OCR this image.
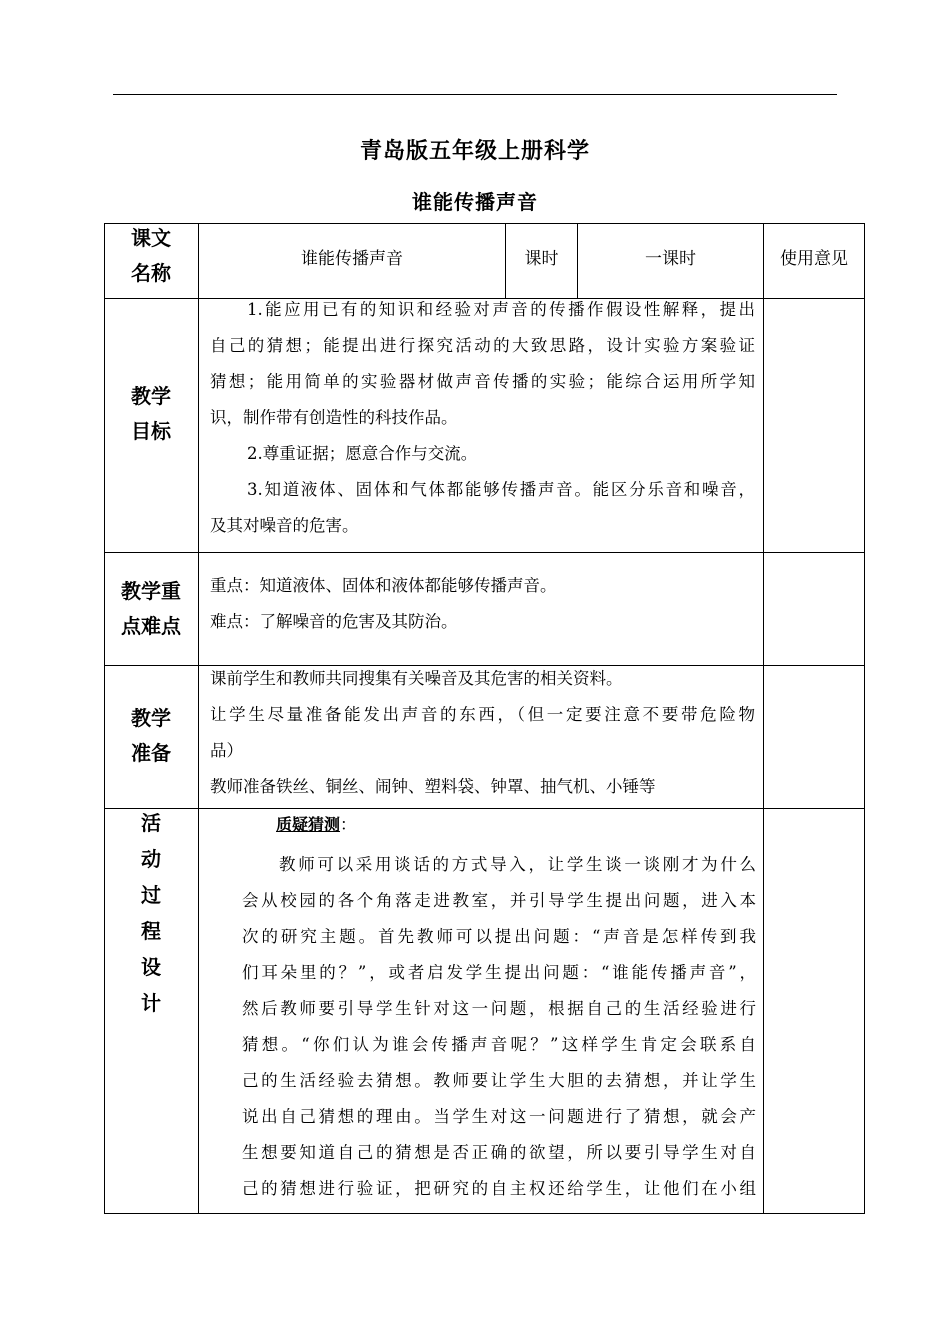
青岛版五年级上册科学
谁能传播声音
课文
名称
谁能传播声音	课时	一课时	使用意见
教学
目标
1.能应用已有的知识和经验对声音的传播作假设性解释，提出
自己的猜想；能提出进行探究活动的大致思路，设计实验方案验证
猜想；能用简单的实验器材做声音传播的实验；能综合运用所学知
识，制作带有创造性的科技作品。
2.尊重证据；愿意合作与交流。
3.知道液体、固体和气体都能够传播声音。能区分乐音和噪音，
及其对噪音的危害。
教学重
点难点
重点：知道液体、固体和液体都能够传播声音。
难点：了解噪音的危害及其防治。
教学
准备
课前学生和教师共同搜集有关噪音及其危害的相关资料。
让学生尽量准备能发出声音的东西，（但一定要注意不要带危险物
品）
教师准备铁丝、铜丝、闹钟、塑料袋、钟罩、抽气机、小锤等
活
动
过
程
设
计
质疑猜测：
教师可以采用谈话的方式导入，让学生谈一谈刚才为什么
会从校园的各个角落走进教室，并引导学生提出问题，进入本
次的研究主题。首先教师可以提出问题：“声音是怎样传到我
们耳朵里的？”，或者启发学生提出问题：“谁能传播声音”，
然后教师要引导学生针对这一问题，根据自己的生活经验进行
猜想。“你们认为谁会传播声音呢？”这样学生肯定会联系自
己的生活经验去猜想。教师要让学生大胆的去猜想，并让学生
说出自己猜想的理由。当学生对这一问题进行了猜想，就会产
生想要知道自己的猜想是否正确的欲望，所以要引导学生对自
己的猜想进行验证，把研究的自主权还给学生，让他们在小组
